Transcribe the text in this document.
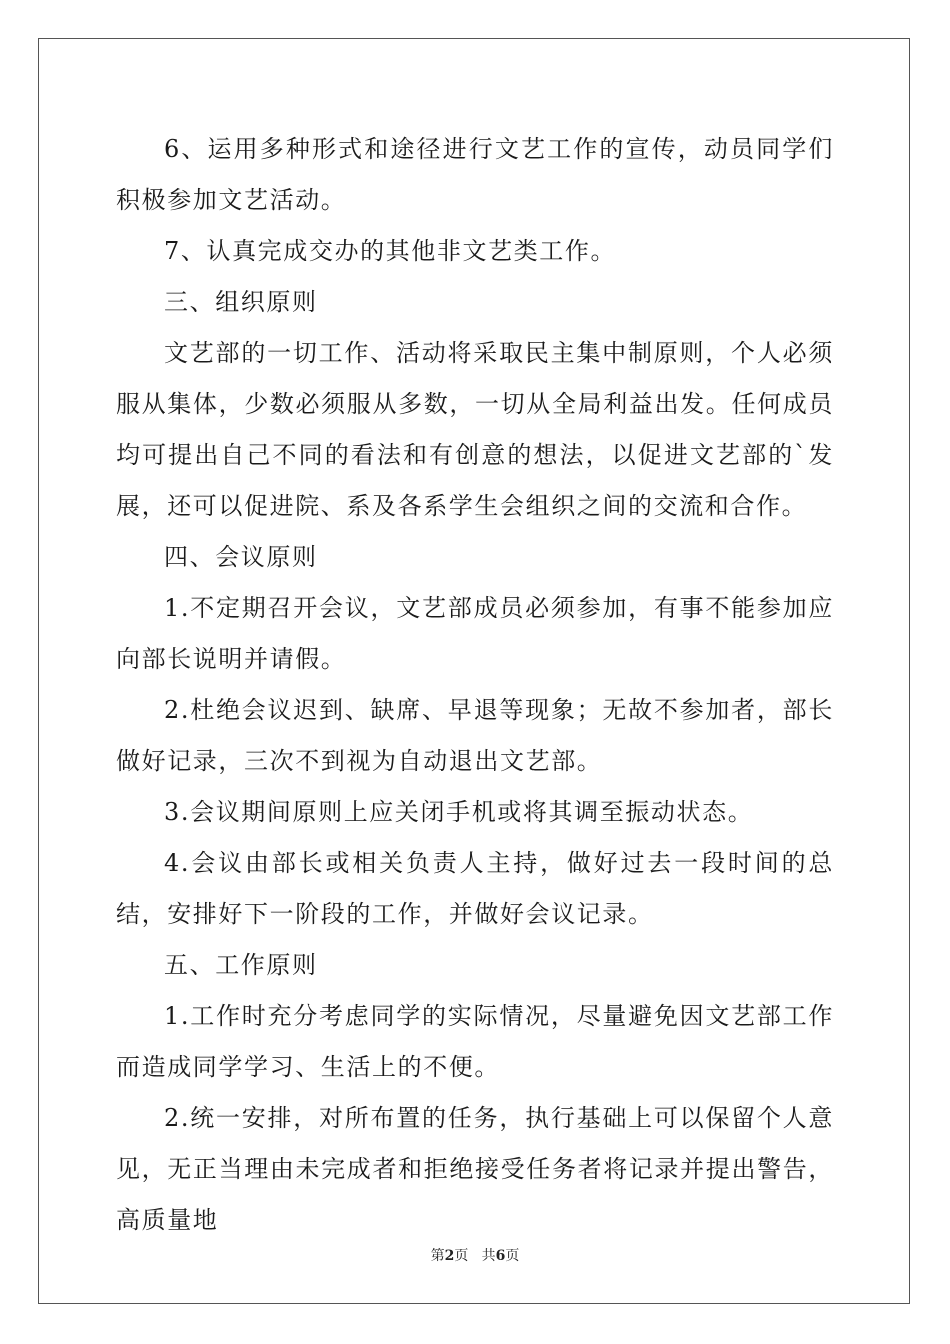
6、运用多种形式和途径进行文艺工作的宣传，动员同学们积极参加文艺活动。

7、认真完成交办的其他非文艺类工作。

三、组织原则

文艺部的一切工作、活动将采取民主集中制原则，个人必须服从集体，少数必须服从多数，一切从全局利益出发。任何成员均可提出自己不同的看法和有创意的想法，以促进文艺部的`发展，还可以促进院、系及各系学生会组织之间的交流和合作。

四、会议原则

1.不定期召开会议，文艺部成员必须参加，有事不能参加应向部长说明并请假。

2.杜绝会议迟到、缺席、早退等现象；无故不参加者，部长做好记录，三次不到视为自动退出文艺部。

3.会议期间原则上应关闭手机或将其调至振动状态。

4.会议由部长或相关负责人主持，做好过去一段时间的总结，安排好下一阶段的工作，并做好会议记录。

五、工作原则

1.工作时充分考虑同学的实际情况，尽量避免因文艺部工作而造成同学学习、生活上的不便。

2.统一安排，对所布置的任务，执行基础上可以保留个人意见，无正当理由未完成者和拒绝接受任务者将记录并提出警告，高质量地

第2页   共6页
